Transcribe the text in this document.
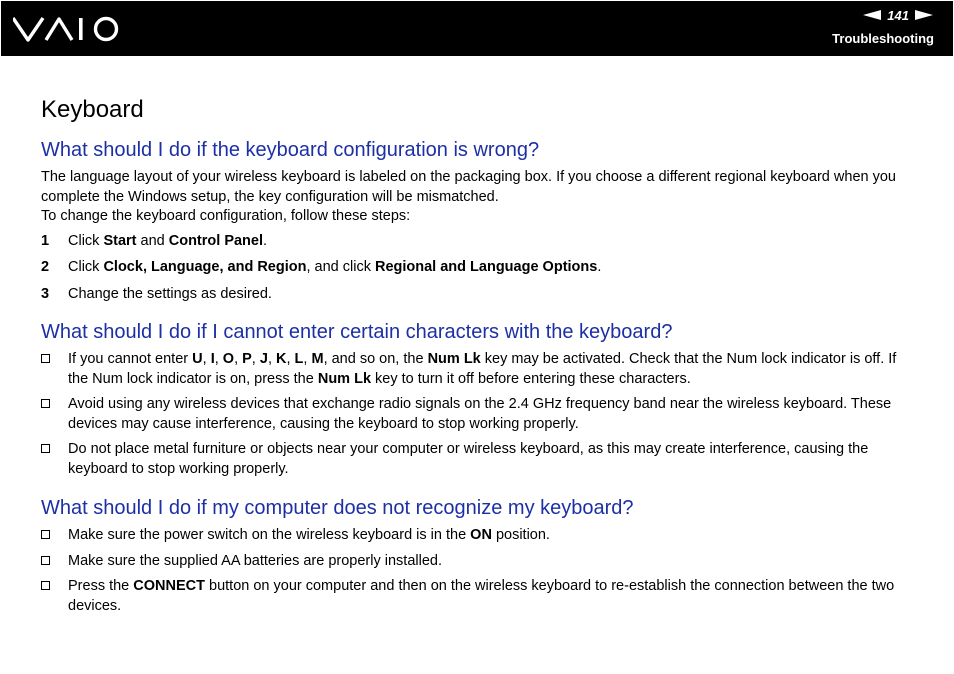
141
Troubleshooting
Keyboard
What should I do if the keyboard configuration is wrong?

The language layout of your wireless keyboard is labeled on the packaging box. If you choose a different regional keyboard when you complete the Windows setup, the key configuration will be mismatched.

To change the keyboard configuration, follow these steps:

1 Click Start and Control Panel.
2 Click Clock, Language, and Region, and click Regional and Language Options.
3 Change the settings as desired.
What should I do if I cannot enter certain characters with the keyboard?
If you cannot enter U, I, O, P, J, K, L, M, and so on, the Num Lk key may be activated. Check that the Num lock indicator is off. If the Num lock indicator is on, press the Num Lk key to turn it off before entering these characters.
Avoid using any wireless devices that exchange radio signals on the 2.4 GHz frequency band near the wireless keyboard. These devices may cause interference, causing the keyboard to stop working properly.
Do not place metal furniture or objects near your computer or wireless keyboard, as this may create interference, causing the keyboard to stop working properly.
What should I do if my computer does not recognize my keyboard?
Make sure the power switch on the wireless keyboard is in the ON position.
Make sure the supplied AA batteries are properly installed.
Press the CONNECT button on your computer and then on the wireless keyboard to re-establish the connection between the two devices.
